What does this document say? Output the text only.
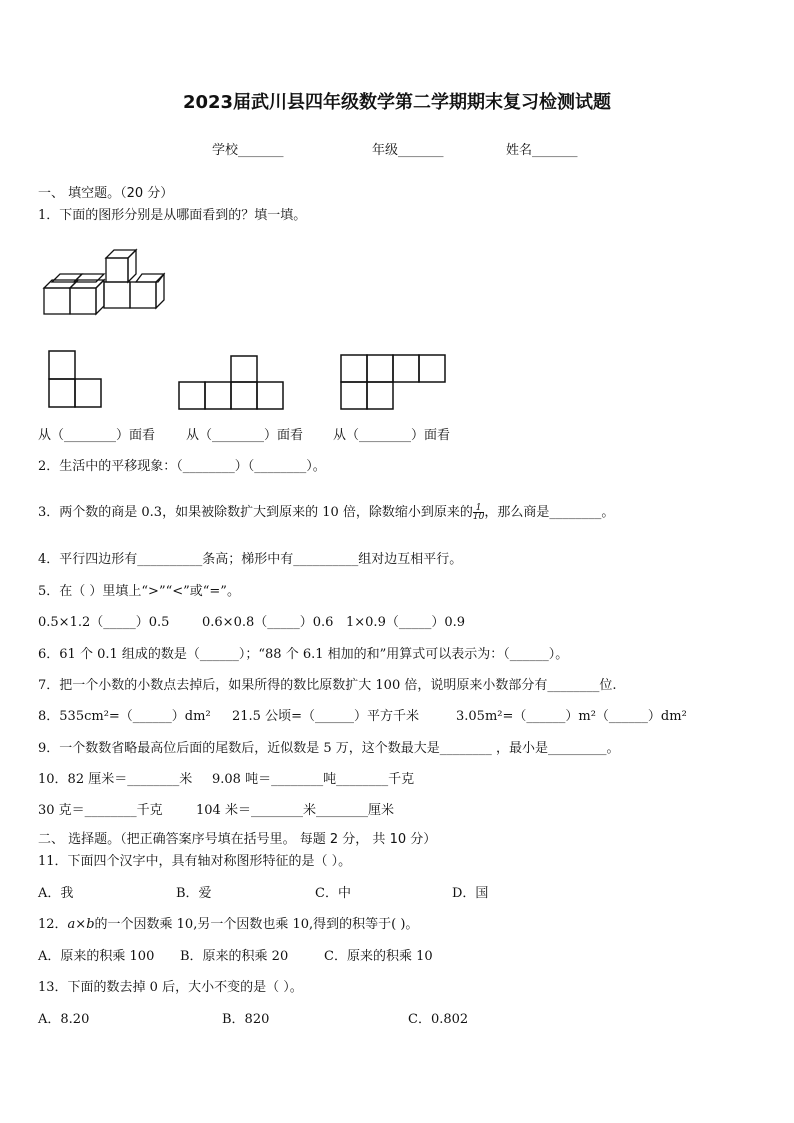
2023届武川县四年级数学第二学期期末复习检测试题
学校_______	年级_______	姓名_______
一、 填空题。（20 分）
1．下面的图形分别是从哪面看到的？填一填。
从（________）面看 从（________）面看 从（________）面看
2．生活中的平移现象：（________）（________）。
3．两个数的商是 0.3，如果被除数扩大到原来的 10 倍，除数缩小到原来的 $\frac{1}{10}$ ，那么商是________。
4．平行四边形有__________条高；梯形中有__________组对边互相平行。
5．在（ ）里填上“>”“<”或“=”。
0.5×1.2（_____）0.5	0.6×0.8（_____）0.6 1×0.9（_____）0.9
6．61 个 0.1 组成的数是（______）；“88 个 6.1 相加的和”用算式可以表示为：（______）。
7．把一个小数的小数点去掉后，如果所得的数比原数扩大 100 倍，说明原来小数部分有________位.
8．535cm²=（______）dm² 21.5 公顷=（______）平方千米	3.05m²=（______）m²（______）dm²
9．一个数数省略最高位后面的尾数后，近似数是 5 万，这个数最大是________ ，最小是_________。
10．82 厘米＝________米 9.08 吨＝________吨________千克
30 克＝________千克	104 米＝________米________厘米
二、 选择题。（把正确答案序号填在括号里。 每题 2 分， 共 10 分）
11．下面四个汉字中，具有轴对称图形特征的是（ ）。
A．我	B．爱	C．中	D．国
12．a×b的一个因数乘 10,另一个因数也乘 10,得到的积等于( )。
A．原来的积乘 100 B．原来的积乘 20	C．原来的积乘 10
13．下面的数去掉 0 后，大小不变的是（ ）。
A．8.20	B．820	C．0.802
